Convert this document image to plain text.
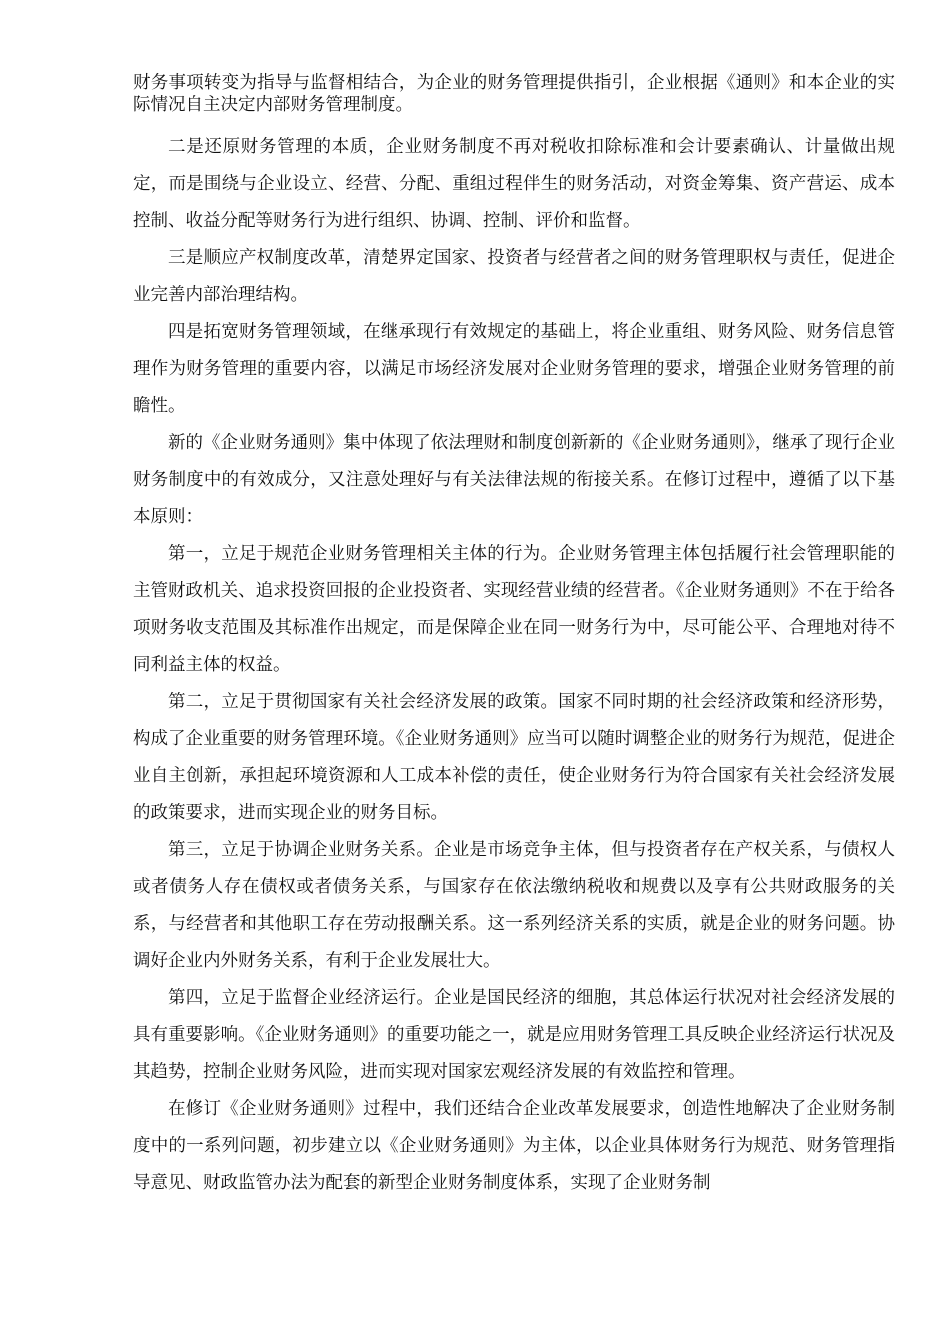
财务事项转变为指导与监督相结合，为企业的财务管理提供指引，企业根据《通则》和本企业的实际情况自主决定内部财务管理制度。

二是还原财务管理的本质，企业财务制度不再对税收扣除标准和会计要素确认、计量做出规定，而是围绕与企业设立、经营、分配、重组过程伴生的财务活动，对资金筹集、资产营运、成本控制、收益分配等财务行为进行组织、协调、控制、评价和监督。

三是顺应产权制度改革，清楚界定国家、投资者与经营者之间的财务管理职权与责任，促进企业完善内部治理结构。

四是拓宽财务管理领域，在继承现行有效规定的基础上，将企业重组、财务风险、财务信息管理作为财务管理的重要内容，以满足市场经济发展对企业财务管理的要求，增强企业财务管理的前瞻性。

新的《企业财务通则》集中体现了依法理财和制度创新新的《企业财务通则》，继承了现行企业财务制度中的有效成分，又注意处理好与有关法律法规的衔接关系。在修订过程中，遵循了以下基本原则：

第一，立足于规范企业财务管理相关主体的行为。企业财务管理主体包括履行社会管理职能的主管财政机关、追求投资回报的企业投资者、实现经营业绩的经营者。《企业财务通则》不在于给各项财务收支范围及其标准作出规定，而是保障企业在同一财务行为中，尽可能公平、合理地对待不同利益主体的权益。

第二，立足于贯彻国家有关社会经济发展的政策。国家不同时期的社会经济政策和经济形势，构成了企业重要的财务管理环境。《企业财务通则》应当可以随时调整企业的财务行为规范，促进企业自主创新，承担起环境资源和人工成本补偿的责任，使企业财务行为符合国家有关社会经济发展的政策要求，进而实现企业的财务目标。

第三，立足于协调企业财务关系。企业是市场竞争主体，但与投资者存在产权关系，与债权人或者债务人存在债权或者债务关系，与国家存在依法缴纳税收和规费以及享有公共财政服务的关系，与经营者和其他职工存在劳动报酬关系。这一系列经济关系的实质，就是企业的财务问题。协调好企业内外财务关系，有利于企业发展壮大。

第四，立足于监督企业经济运行。企业是国民经济的细胞，其总体运行状况对社会经济发展的具有重要影响。《企业财务通则》的重要功能之一，就是应用财务管理工具反映企业经济运行状况及其趋势，控制企业财务风险，进而实现对国家宏观经济发展的有效监控和管理。

在修订《企业财务通则》过程中，我们还结合企业改革发展要求，创造性地解决了企业财务制度中的一系列问题，初步建立以《企业财务通则》为主体，以企业具体财务行为规范、财务管理指导意见、财政监管办法为配套的新型企业财务制度体系，实现了企业财务制
